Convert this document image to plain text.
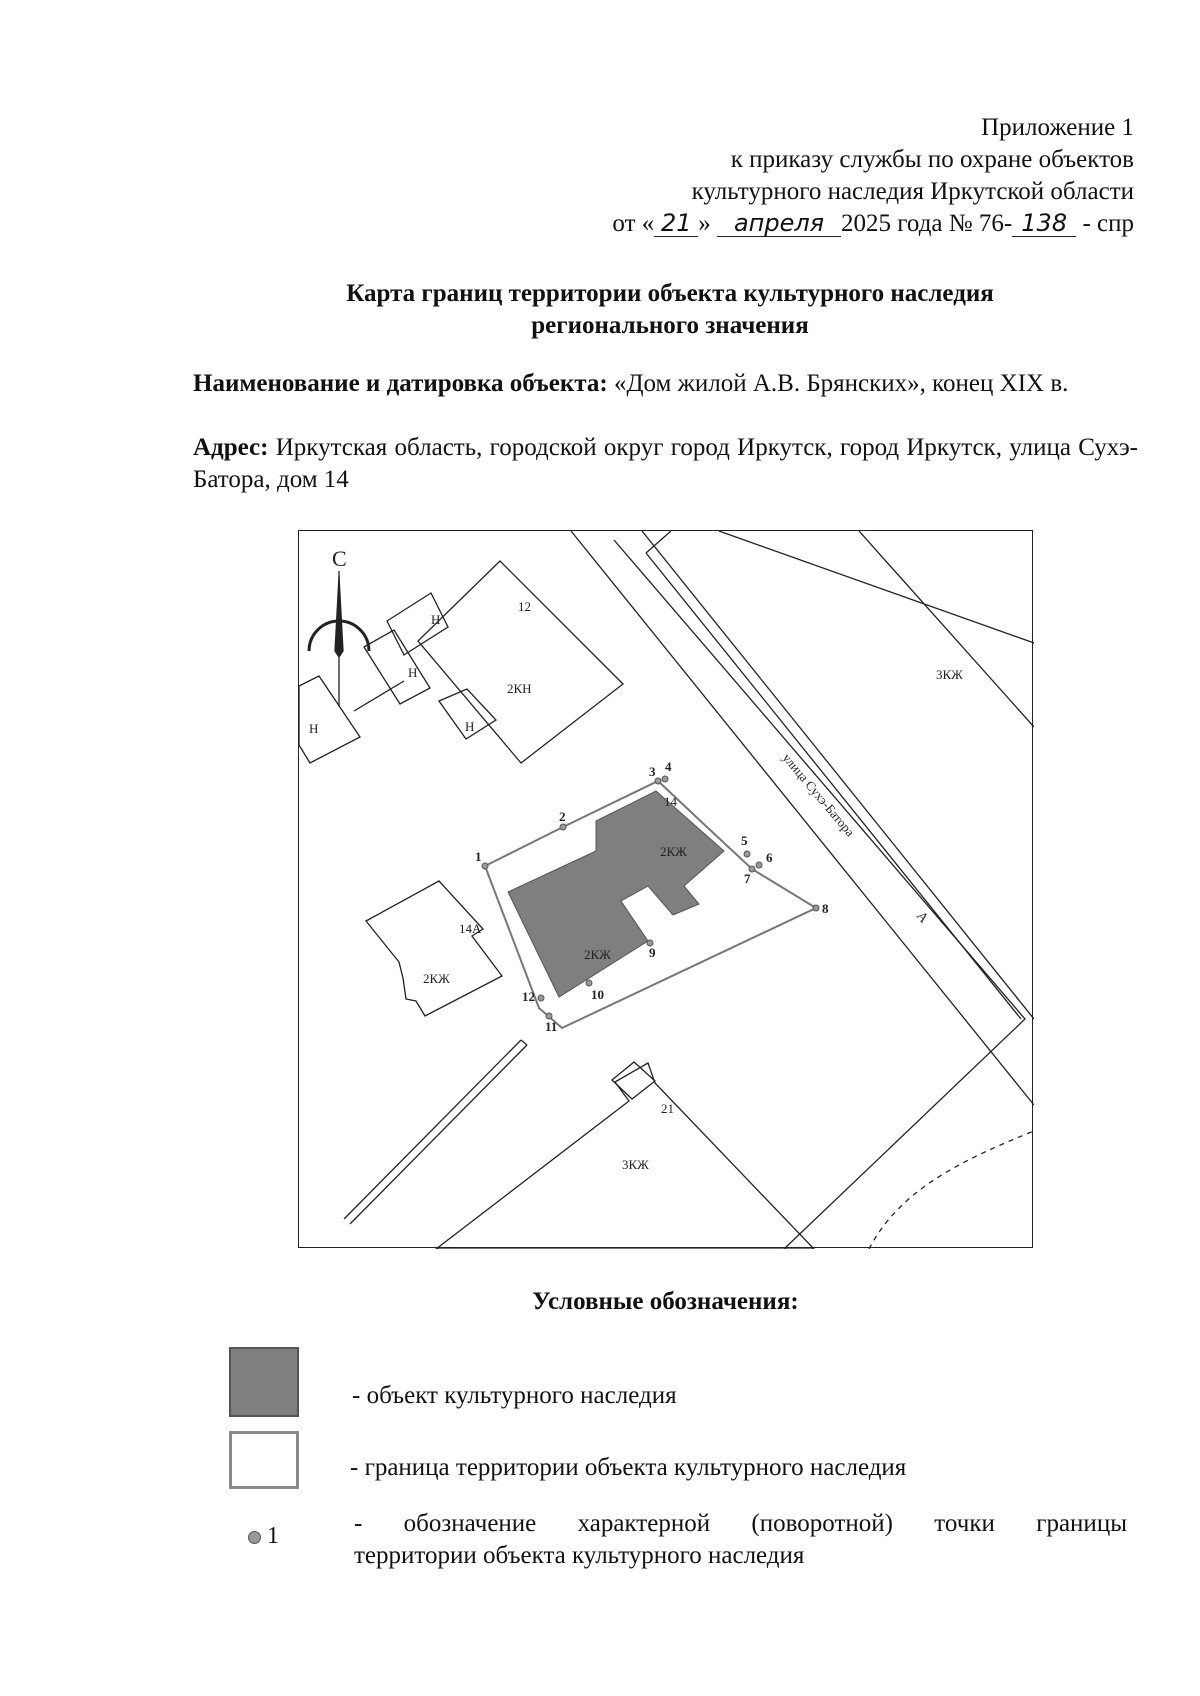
Приложение 1
к приказу службы по охране объектов
культурного наследия Иркутской области
от « 21 » апреля 2025 года № 76- 138 - спр
Карта границ территории объекта культурного наследия
регионального значения
Наименование и датировка объекта: «Дом жилой А.В. Брянских», конец XIX в.
Адрес: Иркутская область, городской округ город Иркутск, город Иркутск, улица Сухэ-Батора, дом 14
С
Н
Н
Н
Н
12
2КН
3КЖ
14
2КЖ
2КЖ
14А
2КЖ
21
3КЖ
улица Сухэ-Батора
А
1
2
3 4
5
6
7
8
9
10
11
12
Условные обозначения:
- объект культурного наследия
- граница территории объекта культурного наследия
1	- обозначение характерной (поворотной) точки границы
территории объекта культурного наследия
